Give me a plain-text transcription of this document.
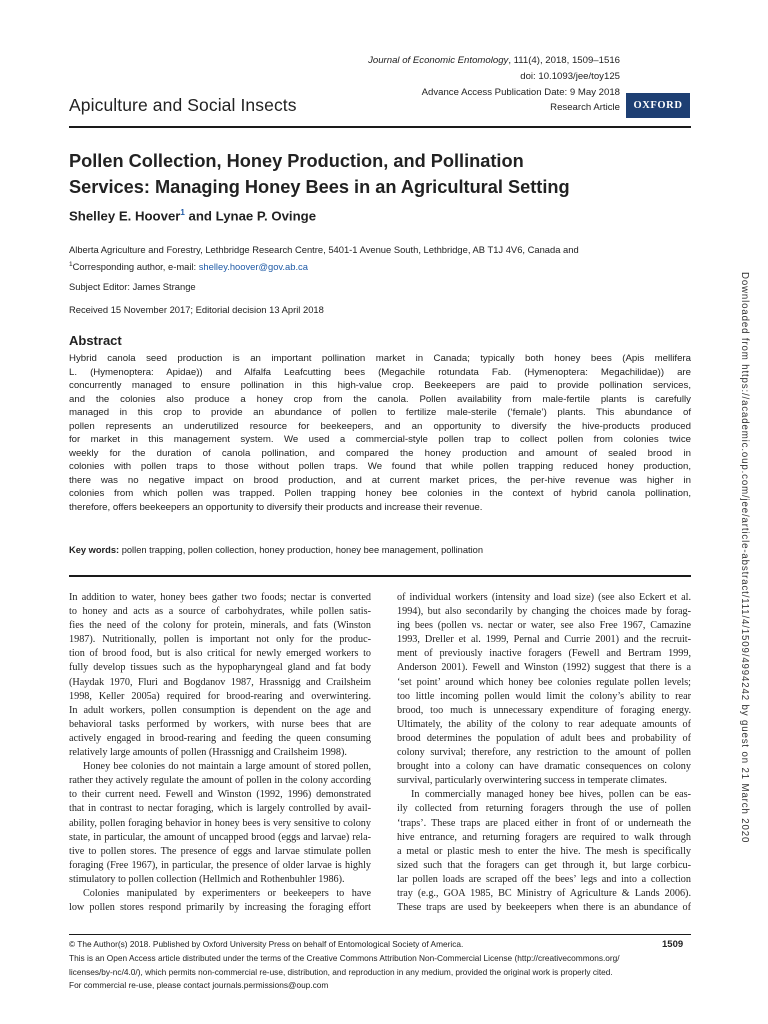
Journal of Economic Entomology, 111(4), 2018, 1509–1516
doi: 10.1093/jee/toy125
Advance Access Publication Date: 9 May 2018
Research Article	OXFORD
Apiculture and Social Insects
Pollen Collection, Honey Production, and Pollination
Services: Managing Honey Bees in an Agricultural Setting
Shelley E. Hoover$^1$ and Lynae P. Ovinge
Alberta Agriculture and Forestry, Lethbridge Research Centre, 5401-1 Avenue South, Lethbridge, AB T1J 4V6, Canada and
$^1$Corresponding author, e-mail: shelley.hoover@gov.ab.ca
Subject Editor: James Strange
Received 15 November 2017; Editorial decision 13 April 2018
Abstract
Hybrid canola seed production is an important pollination market in Canada; typically both honey bees (Apis mellifera
L. (Hymenoptera: Apidae)) and Alfalfa Leafcutting bees (Megachile rotundata Fab. (Hymenoptera: Megachilidae)) are
concurrently managed to ensure pollination in this high-value crop. Beekeepers are paid to provide pollination services,
and the colonies also produce a honey crop from the canola. Pollen availability from male-fertile plants is carefully
managed in this crop to provide an abundance of pollen to fertilize male-sterile (‘female’) plants. This abundance of
pollen represents an underutilized resource for beekeepers, and an opportunity to diversify the hive-products produced
for market in this management system. We used a commercial-style pollen trap to collect pollen from colonies twice
weekly for the duration of canola pollination, and compared the honey production and amount of sealed brood in
colonies with pollen traps to those without pollen traps. We found that while pollen trapping reduced honey production,
there was no negative impact on brood production, and at current market prices, the per-hive revenue was higher in
colonies from which pollen was trapped. Pollen trapping honey bee colonies in the context of hybrid canola pollination,
therefore, offers beekeepers an opportunity to diversify their products and increase their revenue.
Key words: pollen trapping, pollen collection, honey production, honey bee management, pollination
In addition to water, honey bees gather two foods; nectar is converted
to honey and acts as a source of carbohydrates, while pollen satis-
fies the need of the colony for protein, minerals, and fats (Winston
1987). Nutritionally, pollen is important not only for the produc-
tion of brood food, but is also critical for newly emerged workers to
fully develop tissues such as the hypopharyngeal gland and fat body
(Haydak 1970, Fluri and Bogdanov 1987, Hrassnigg and Crailsheim
1998, Keller 2005a) required for brood-rearing and overwintering.
In adult workers, pollen consumption is dependent on the age and
behavioral tasks performed by workers, with nurse bees that are
actively engaged in brood-rearing and feeding the queen consuming
relatively large amounts of pollen (Hrassnigg and Crailsheim 1998).
Honey bee colonies do not maintain a large amount of stored pollen,
rather they actively regulate the amount of pollen in the colony according
to their current need. Fewell and Winston (1992, 1996) demonstrated
that in contrast to nectar foraging, which is largely controlled by avail-
ability, pollen foraging behavior in honey bees is very sensitive to colony
state, in particular, the amount of uncapped brood (eggs and larvae) rela-
tive to pollen stores. The presence of eggs and larvae stimulate pollen
foraging (Free 1967), in particular, the presence of older larvae is highly
stimulatory to pollen collection (Hellmich and Rothenbuhler 1986).
Colonies manipulated by experimenters or beekeepers to have
low pollen stores respond primarily by increasing the foraging effort
of individual workers (intensity and load size) (see also Eckert et al.
1994), but also secondarily by changing the choices made by forag-
ing bees (pollen vs. nectar or water, see also Free 1967, Camazine
1993, Dreller et al. 1999, Pernal and Currie 2001) and the recruit-
ment of previously inactive foragers (Fewell and Bertram 1999,
Anderson 2001). Fewell and Winston (1992) suggest that there is a
‘set point’ around which honey bee colonies regulate pollen levels;
too little incoming pollen would limit the colony’s ability to rear
brood, too much is unnecessary expenditure of foraging energy.
Ultimately, the ability of the colony to rear adequate amounts of
brood determines the population of adult bees and probability of
colony survival; therefore, any restriction to the amount of pollen
brought into a colony can have dramatic consequences on colony
survival, particularly overwintering success in temperate climates.
In commercially managed honey bee hives, pollen can be eas-
ily collected from returning foragers through the use of pollen
‘traps’. These traps are placed either in front of or underneath the
hive entrance, and returning foragers are required to walk through
a metal or plastic mesh to enter the hive. The mesh is specifically
sized such that the foragers can get through it, but large corbicu-
lar pollen loads are scraped off the bees’ legs and into a collection
tray (e.g., GOA 1985, BC Ministry of Agriculture & Lands 2006).
These traps are used by beekeepers when there is an abundance of
© The Author(s) 2018. Published by Oxford University Press on behalf of Entomological Society of America.
This is an Open Access article distributed under the terms of the Creative Commons Attribution Non-Commercial License (http://creativecommons.org/
licenses/by-nc/4.0/), which permits non-commercial re-use, distribution, and reproduction in any medium, provided the original work is properly cited.
For commercial re-use, please contact journals.permissions@oup.com
1509
Downloaded from https://academic.oup.com/jee/article-abstract/111/4/1509/4994242 by guest on 21 March 2020
